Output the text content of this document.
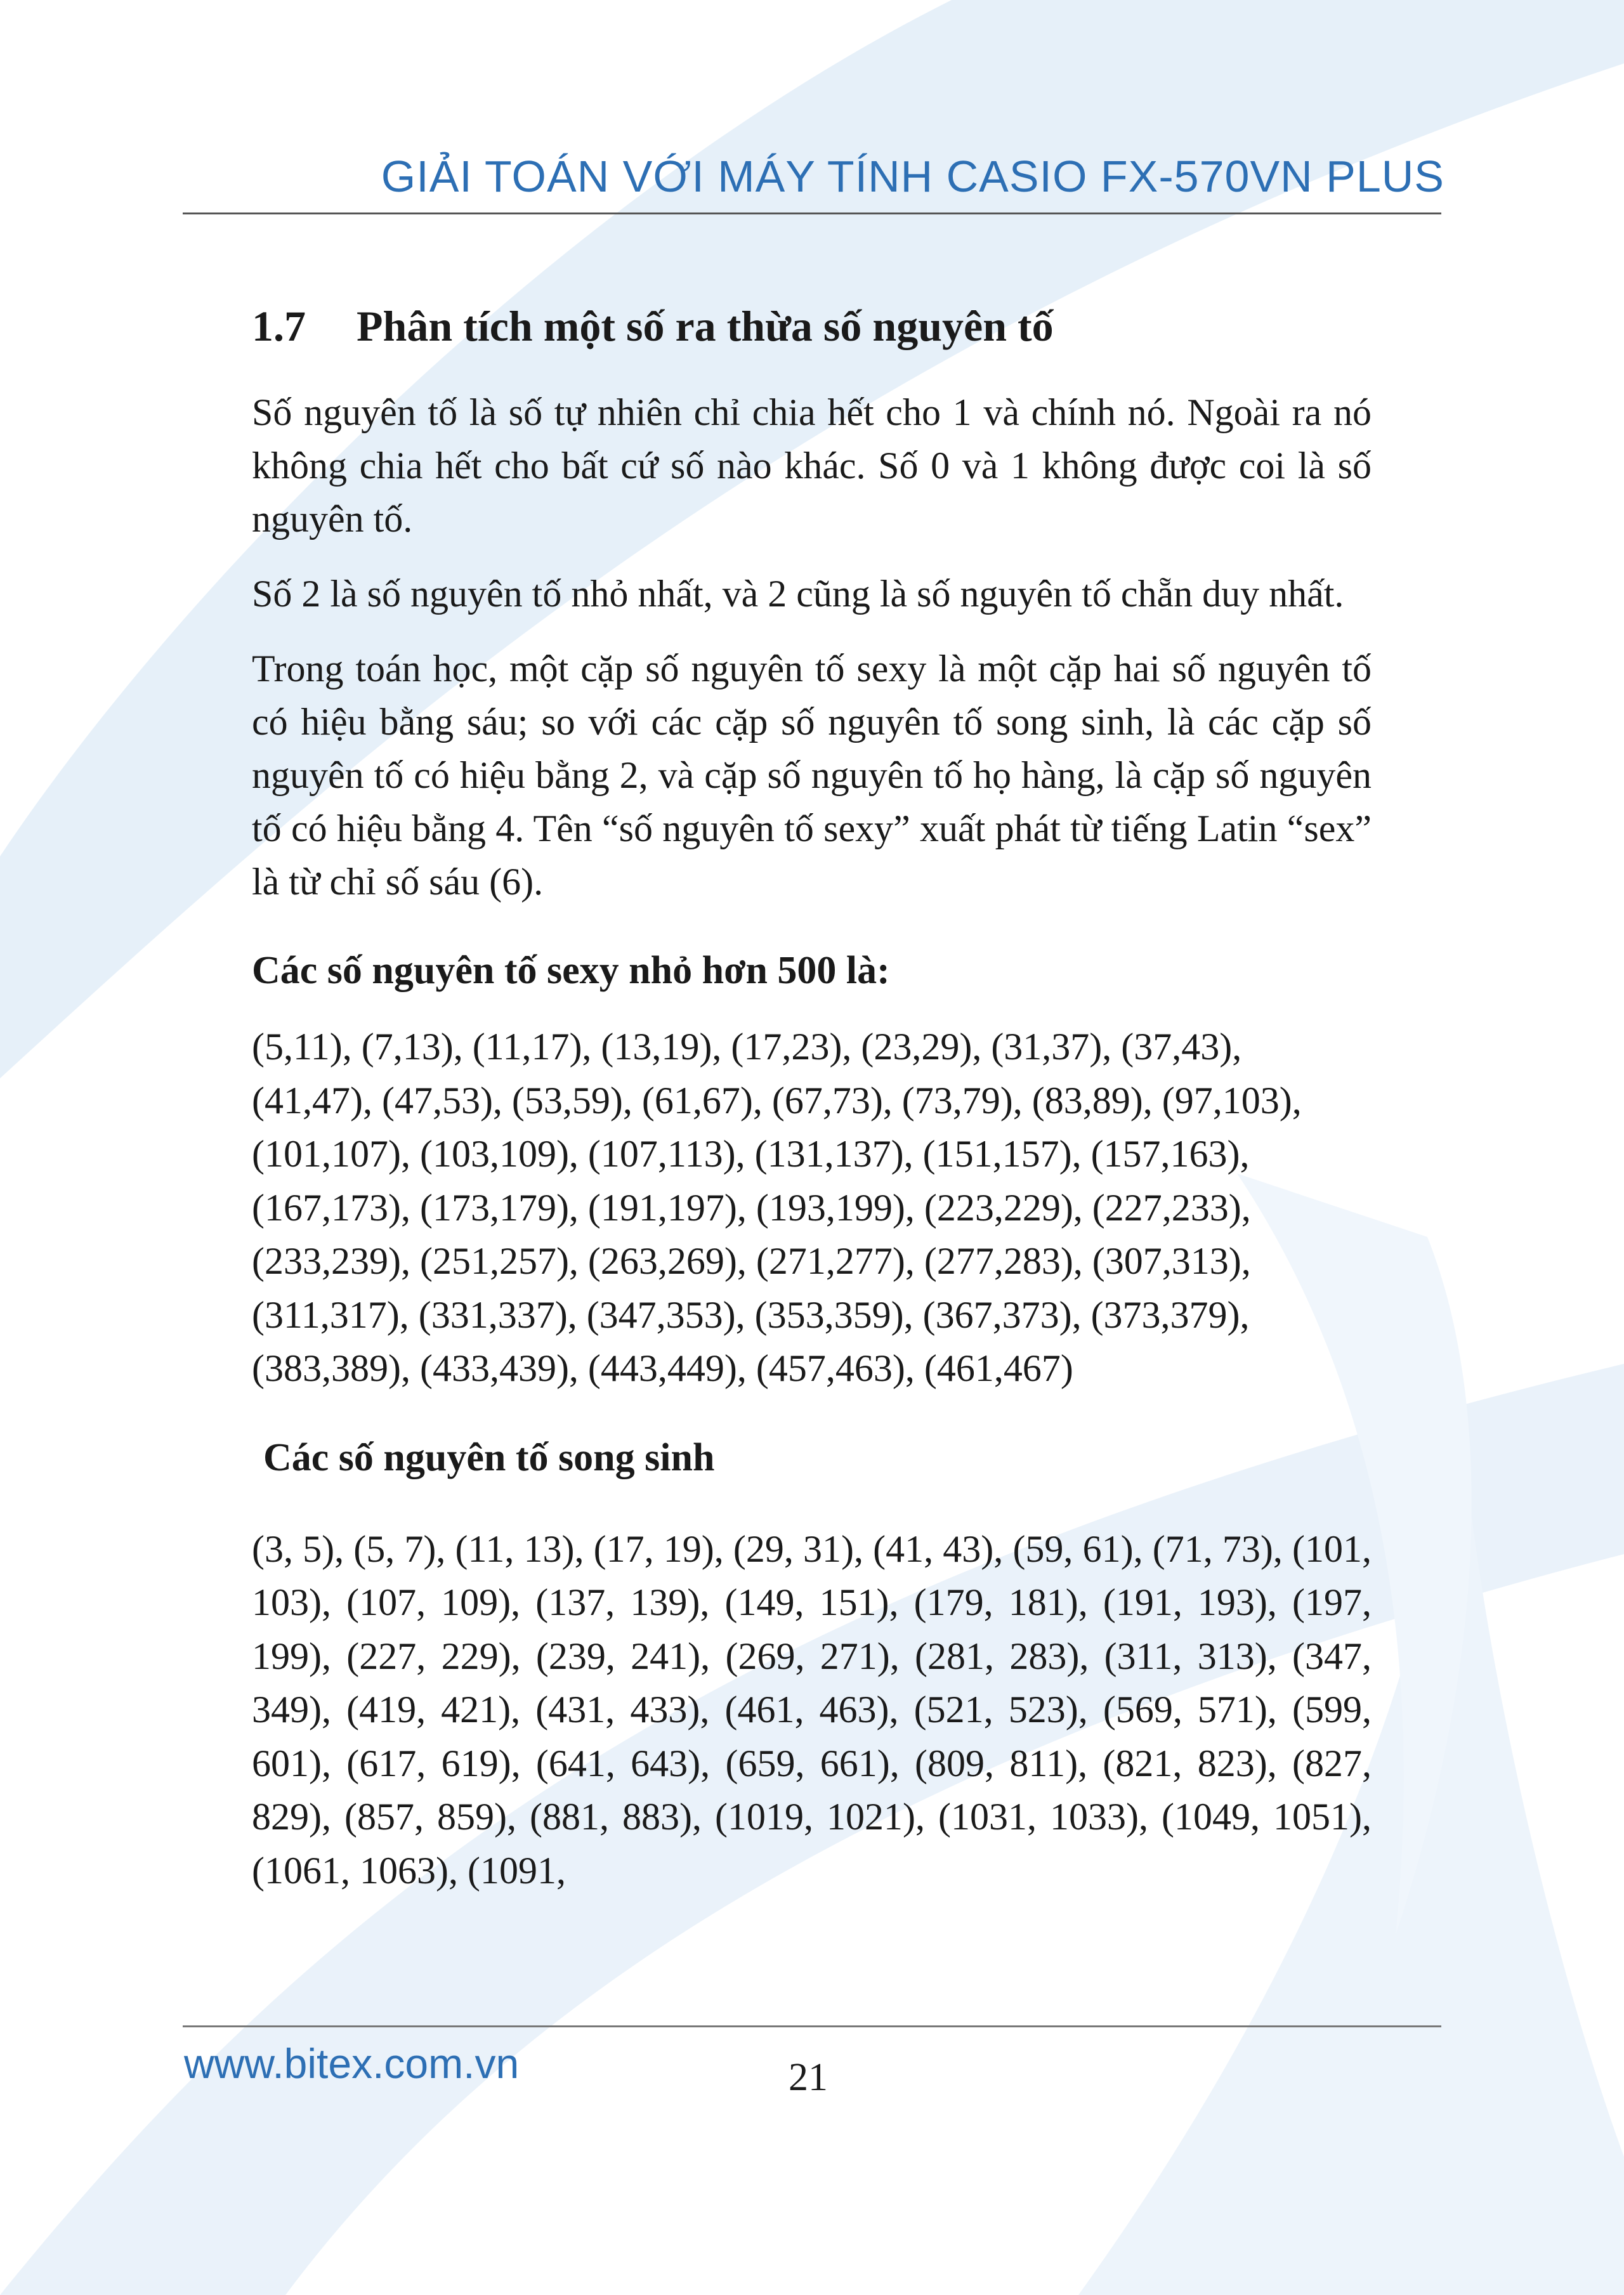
GIẢI TOÁN VỚI MÁY TÍNH CASIO FX-570VN PLUS
1.7 Phân tích một số ra thừa số nguyên tố

Số nguyên tố là số tự nhiên chỉ chia hết cho 1 và chính nó. Ngoài ra nó không chia hết cho bất cứ số nào khác. Số 0 và 1 không được coi là số nguyên tố.

Số 2 là số nguyên tố nhỏ nhất, và 2 cũng là số nguyên tố chẵn duy nhất.

Trong toán học, một cặp số nguyên tố sexy là một cặp hai số nguyên tố có hiệu bằng sáu; so với các cặp số nguyên tố song sinh, là các cặp số nguyên tố có hiệu bằng 2, và cặp số nguyên tố họ hàng, là cặp số nguyên tố có hiệu bằng 4. Tên “số nguyên tố sexy” xuất phát từ tiếng Latin “sex” là từ chỉ số sáu (6).

Các số nguyên tố sexy nhỏ hơn 500 là:
(5,11), (7,13), (11,17), (13,19), (17,23), (23,29), (31,37), (37,43),
(41,47), (47,53), (53,59), (61,67), (67,73), (73,79), (83,89), (97,103),
(101,107), (103,109), (107,113), (131,137), (151,157), (157,163),
(167,173), (173,179), (191,197), (193,199), (223,229), (227,233),
(233,239), (251,257), (263,269), (271,277), (277,283), (307,313),
(311,317), (331,337), (347,353), (353,359), (367,373), (373,379),
(383,389), (433,439), (443,449), (457,463), (461,467)
Các số nguyên tố song sinh

(3, 5), (5, 7), (11, 13), (17, 19), (29, 31), (41, 43), (59, 61), (71, 73), (101, 103), (107, 109), (137, 139), (149, 151), (179, 181), (191, 193), (197, 199), (227, 229), (239, 241), (269, 271), (281, 283), (311, 313), (347, 349), (419, 421), (431, 433), (461, 463), (521, 523), (569, 571), (599, 601), (617, 619), (641, 643), (659, 661), (809, 811), (821, 823), (827, 829), (857, 859), (881, 883), (1019, 1021), (1031, 1033), (1049, 1051), (1061, 1063), (1091,

www.bitex.com.vn	21
